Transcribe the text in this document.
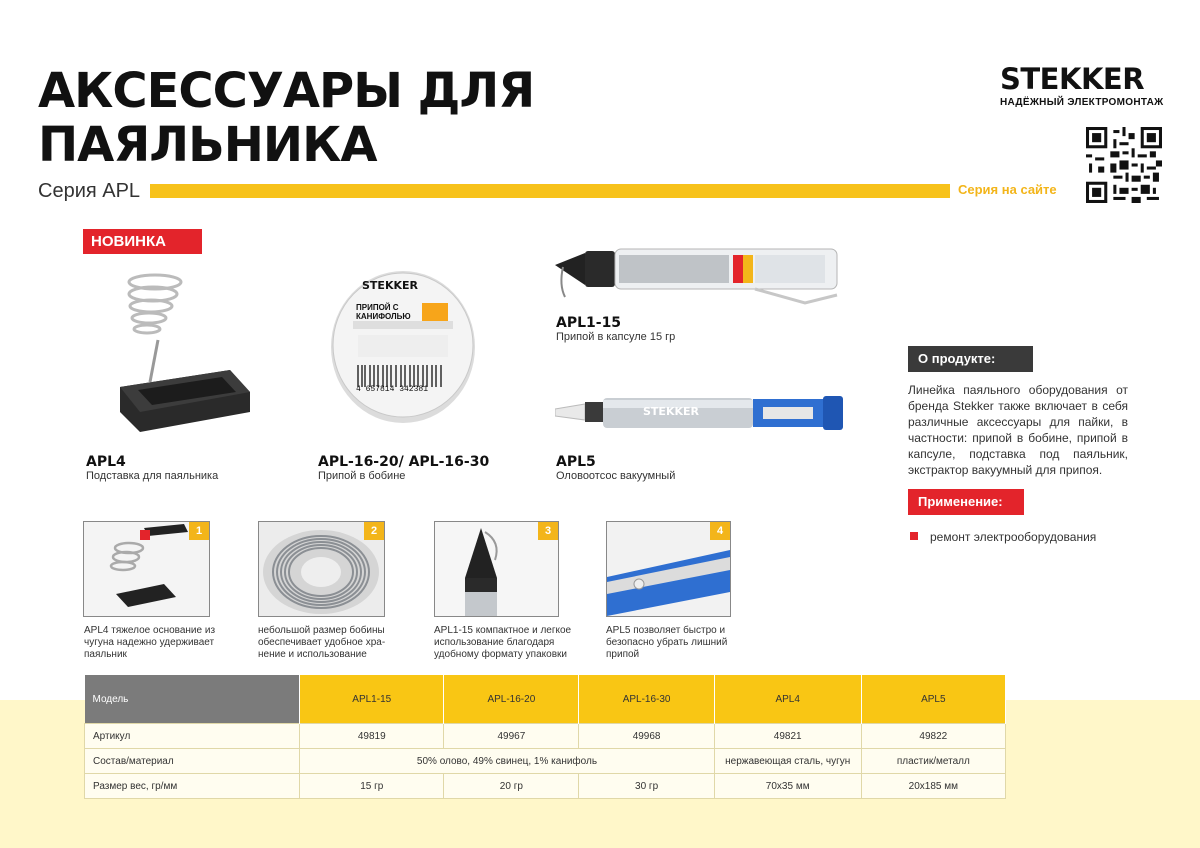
АКСЕССУАРЫ ДЛЯ
ПАЯЛЬНИКА
Серия APL	Серия на сайте
STEKKER
НАДЁЖНЫЙ ЭЛЕКТРОМОНТАЖ
НОВИНКА
APL4
Подставка для паяльника
STEKKER
ПРИПОЙ С КАНИФОЛЬЮ
4 657814 342381
APL-16-20/ APL-16-30
Припой в бобине
APL1-15
Припой в капсуле 15 гр
STEKKER
APL5
Оловоотсос вакуумный
О продукте:
Линейка паяльного оборудования от бренда Stekker также включает в себя различные аксессуары для пайки, в частности: припой в бобине, припой в капсуле, подставка под паяльник, экстрактор вакуумный для припоя.
Применение:
ремонт электрооборудования
1
APL4 тяжелое основание из чугуна надежно удерживает паяльник
2
небольшой размер бобины обеспечивает удобное хра-нение и использование
3
APL1-15 компактное и легкое использование благодаря удобному формату упаковки
4
APL5 позволяет быстро и безопасно убрать лишний припой
Модель	APL1-15	APL-16-20	APL-16-30	APL4	APL5
Артикул	49819	49967	49968	49821	49822
Состав/материал	50% олово, 49% свинец, 1% канифоль			нержавеющая сталь, чугун	пластик/металл
Размер вес, гр/мм	15 гр	20 гр	30 гр	70x35 мм	20x185 мм
